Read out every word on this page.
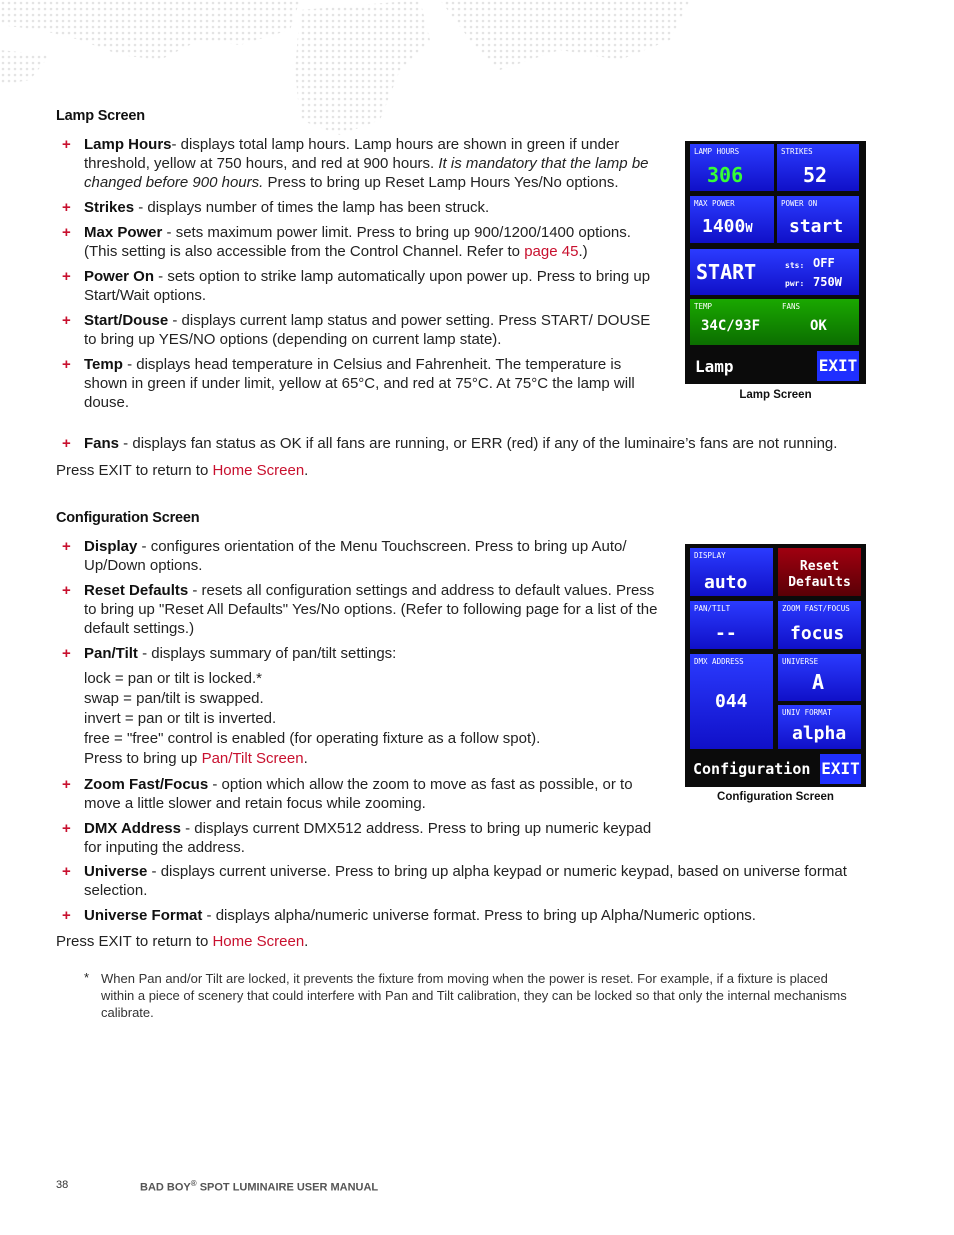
Lamp Screen
+ Lamp Hours- displays total lamp hours. Lamp hours are shown in green if under threshold, yellow at 750 hours, and red at 900 hours. It is mandatory that the lamp be changed before 900 hours. Press to bring up Reset Lamp Hours Yes/No options.
+ Strikes - displays number of times the lamp has been struck.
+ Max Power - sets maximum power limit. Press to bring up 900/1200/1400 options. (This setting is also accessible from the Control Channel. Refer to page 45.)
+ Power On - sets option to strike lamp automatically upon power up. Press to bring up Start/Wait options.
+ Start/Douse - displays current lamp status and power setting. Press START/ DOUSE to bring up YES/NO options (depending on current lamp state).
+ Temp - displays head temperature in Celsius and Fahrenheit. The temperature is shown in green if under limit, yellow at 65°C, and red at 75°C. At 75°C the lamp will douse.
+ Fans - displays fan status as OK if all fans are running, or ERR (red) if any of the luminaire’s fans are not running.
Press EXIT to return to Home Screen.
LAMP HOURS
306
STRIKES
52
MAX POWER
1400W
POWER ON
start
START	sts: OFF
pwr: 750W
TEMP	FANS
34C/93F	OK
Lamp	EXIT
Lamp Screen
Configuration Screen
+ Display - configures orientation of the Menu Touchscreen. Press to bring up Auto/ Up/Down options.
+ Reset Defaults - resets all configuration settings and address to default values. Press to bring up "Reset All Defaults" Yes/No options. (Refer to following page for a list of the default settings.)
+ Pan/Tilt - displays summary of pan/tilt settings:
lock = pan or tilt is locked.*
swap = pan/tilt is swapped.
invert = pan or tilt is inverted.
free = "free" control is enabled (for operating fixture as a follow spot).
Press to bring up Pan/Tilt Screen.
+ Zoom Fast/Focus - option which allow the zoom to move as fast as possible, or to move a little slower and retain focus while zooming.
+ DMX Address - displays current DMX512 address. Press to bring up numeric keypad for inputing the address.
+ Universe - displays current universe. Press to bring up alpha keypad or numeric keypad, based on universe format selection.
+ Universe Format - displays alpha/numeric universe format. Press to bring up Alpha/Numeric options.
Press EXIT to return to Home Screen.
DISPLAY
auto
Reset Defaults
PAN/TILT
--
ZOOM FAST/FOCUS
focus
DMX ADDRESS
044
UNIVERSE
A
UNIV FORMAT
alpha
Configuration EXIT
Configuration Screen
* When Pan and/or Tilt are locked, it prevents the fixture from moving when the power is reset. For example, if a fixture is placed within a piece of scenery that could interfere with Pan and Tilt calibration, they can be locked so that only the internal mechanisms calibrate.
38	BAD BOY® SPOT LUMINAIRE USER MANUAL
